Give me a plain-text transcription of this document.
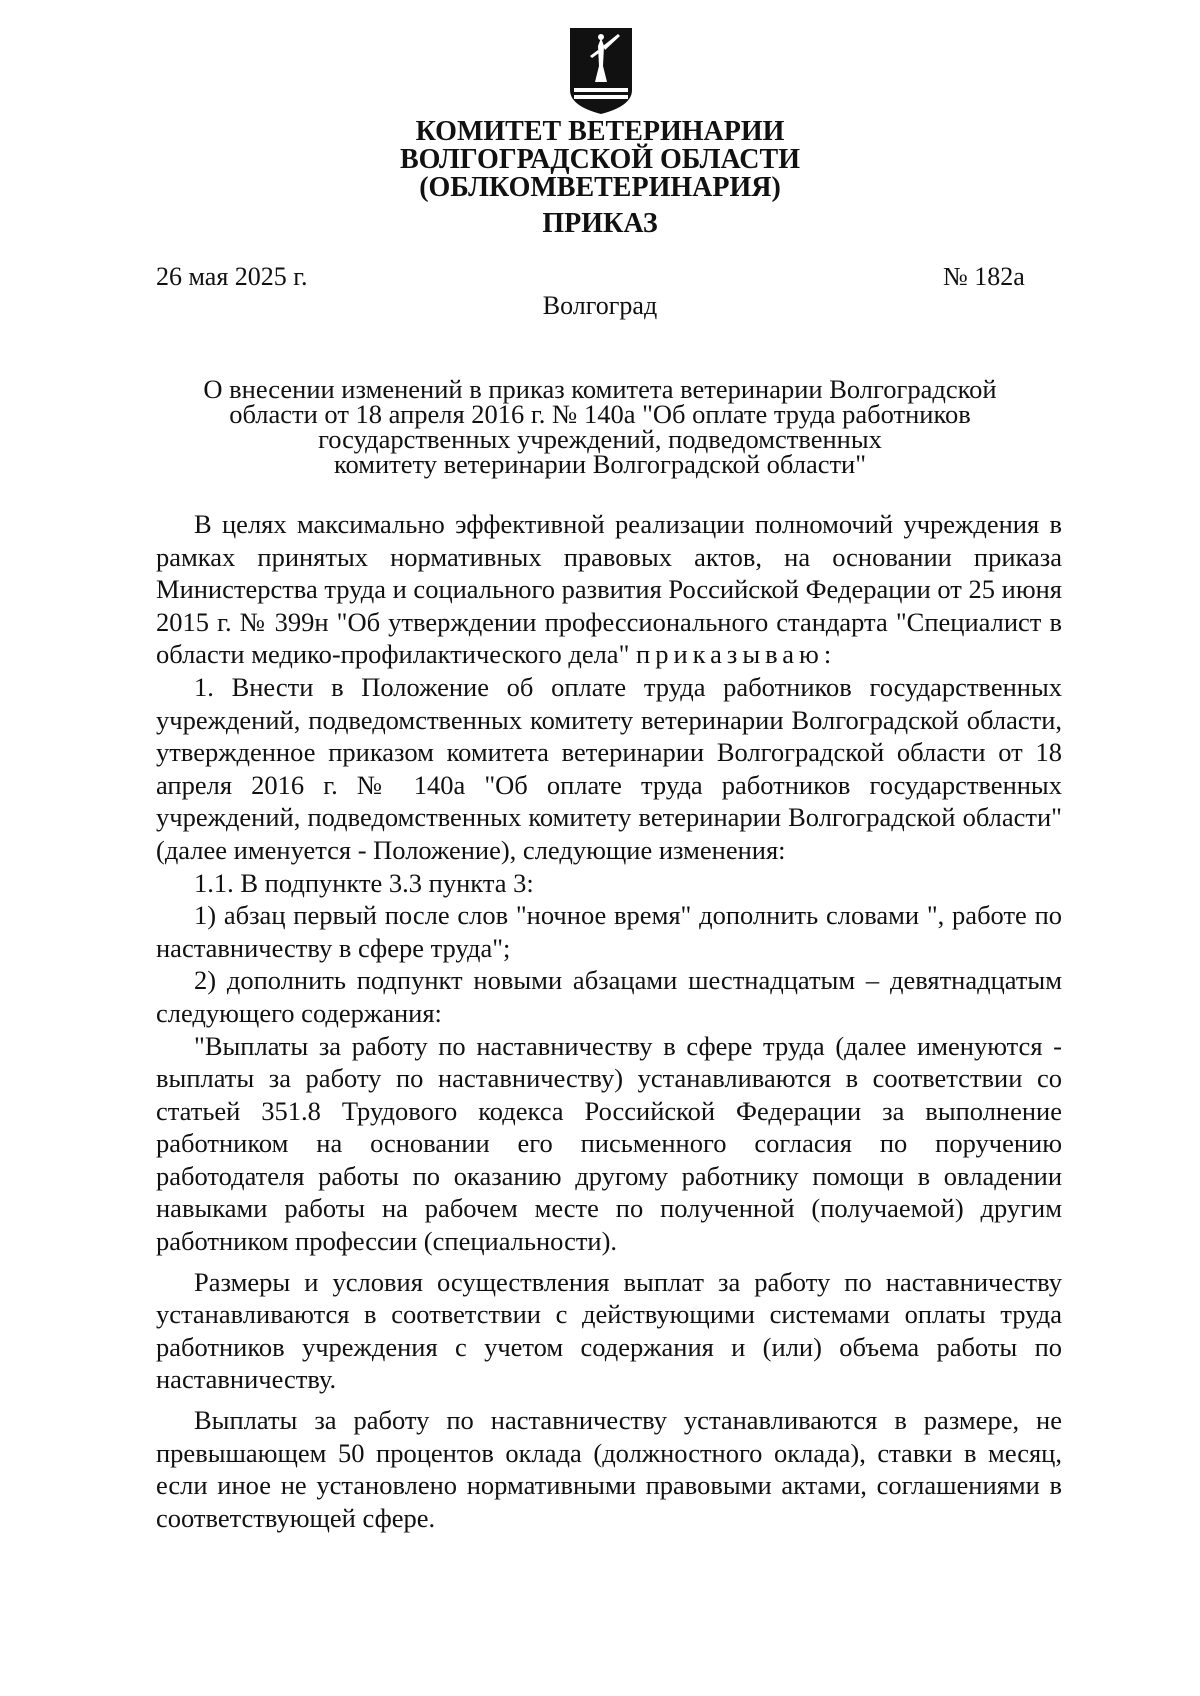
КОМИТЕТ ВЕТЕРИНАРИИ
ВОЛГОГРАДСКОЙ ОБЛАСТИ
(ОБЛКОМВЕТЕРИНАРИЯ)
ПРИКАЗ
26 мая 2025 г.	№ 182а
Волгоград
О внесении изменений в приказ комитета ветеринарии Волгоградской
области от 18 апреля 2016 г. № 140а "Об оплате труда работников
государственных учреждений, подведомственных
комитету ветеринарии Волгоградской области"

В целях максимально эффективной реализации полномочий учреждения в рамках принятых нормативных правовых актов, на основании приказа Министерства труда и социального развития Российской Федерации от 25 июня 2015 г. № 399н "Об утверждении профессионального стандарта "Специалист в области медико-профилактического дела" приказываю:

1. Внести в Положение об оплате труда работников государственных учреждений, подведомственных комитету ветеринарии Волгоградской области, утвержденное приказом комитета ветеринарии Волгоградской области от 18 апреля 2016 г. № 140а "Об оплате труда работников государственных учреждений, подведомственных комитету ветеринарии Волгоградской области" (далее именуется - Положение), следующие изменения:

1.1. В подпункте 3.3 пункта 3:

1) абзац первый после слов "ночное время" дополнить словами ", работе по наставничеству в сфере труда";

2) дополнить подпункт новыми абзацами шестнадцатым – девятнадцатым следующего содержания:

"Выплаты за работу по наставничеству в сфере труда (далее именуются - выплаты за работу по наставничеству) устанавливаются в соответствии со статьей 351.8 Трудового кодекса Российской Федерации за выполнение работником на основании его письменного согласия по поручению работодателя работы по оказанию другому работнику помощи в овладении навыками работы на рабочем месте по полученной (получаемой) другим работником профессии (специальности).

Размеры и условия осуществления выплат за работу по наставничеству устанавливаются в соответствии с действующими системами оплаты труда работников учреждения с учетом содержания и (или) объема работы по наставничеству.

Выплаты за работу по наставничеству устанавливаются в размере, не превышающем 50 процентов оклада (должностного оклада), ставки в месяц, если иное не установлено нормативными правовыми актами, соглашениями в соответствующей сфере.
